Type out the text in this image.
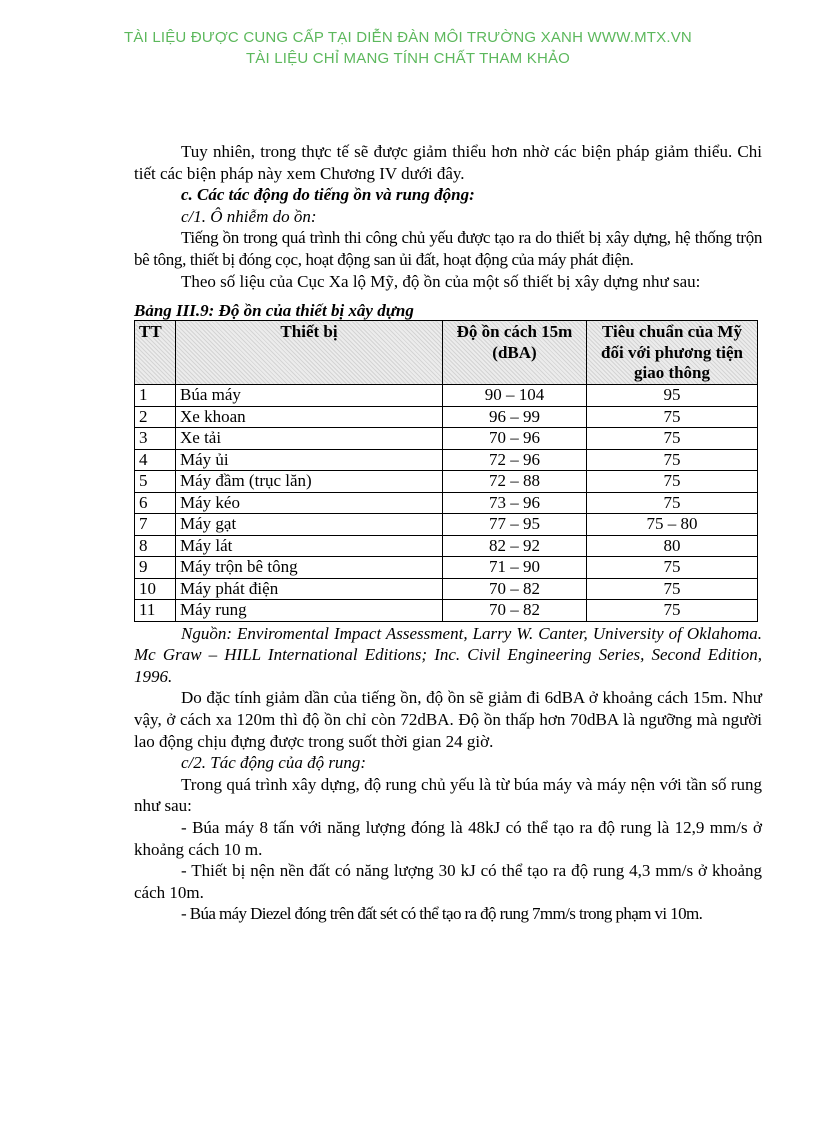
TÀI LIỆU ĐƯỢC CUNG CẤP TẠI DIỄN ĐÀN MÔI TRƯỜNG XANH WWW.MTX.VN
TÀI LIỆU CHỈ MANG TÍNH CHẤT THAM KHẢO

Tuy nhiên, trong thực tế sẽ được giảm thiểu hơn nhờ các biện pháp giảm thiểu. Chi tiết các biện pháp này xem Chương IV dưới đây.

c. Các tác động do tiếng ồn và rung động:

c/1. Ô nhiễm do ồn:

Tiếng ồn trong quá trình thi công chủ yếu được tạo ra do thiết bị xây dựng, hệ thống trộn bê tông, thiết bị đóng cọc, hoạt động san ủi đất, hoạt động của máy phát điện.

Theo số liệu của Cục Xa lộ Mỹ, độ ồn của một số thiết bị xây dựng như sau:

Bảng III.9: Độ ồn của thiết bị xây dựng

TT	Thiết bị	Độ ồn cách 15m (dBA)	Tiêu chuẩn của Mỹ đối với phương tiện giao thông
1	Búa máy	90 – 104	95
2	Xe khoan	96 – 99	75
3	Xe tải	70 – 96	75
4	Máy ủi	72 – 96	75
5	Máy đầm (trục lăn)	72 – 88	75
6	Máy kéo	73 – 96	75
7	Máy gạt	77 – 95	75 – 80
8	Máy lát	82 – 92	80
9	Máy trộn bê tông	71 – 90	75
10	Máy phát điện	70 – 82	75
11	Máy rung	70 – 82	75

Nguồn: Enviromental Impact Assessment, Larry W. Canter, University of Oklahoma. Mc Graw – HILL International Editions; Inc. Civil Engineering Series, Second Edition, 1996.

Do đặc tính giảm dần của tiếng ồn, độ ồn sẽ giảm đi 6dBA ở khoảng cách 15m. Như vậy, ở cách xa 120m thì độ ồn chỉ còn 72dBA. Độ ồn thấp hơn 70dBA là ngưỡng mà người lao động chịu đựng được trong suốt thời gian 24 giờ.

c/2. Tác động của độ rung:

Trong quá trình xây dựng, độ rung chủ yếu là từ búa máy và máy nện với tần số rung như sau:

- Búa máy 8 tấn với năng lượng đóng là 48kJ có thể tạo ra độ rung là 12,9 mm/s ở khoảng cách 10 m.

- Thiết bị nện nền đất có năng lượng 30 kJ có thể tạo ra độ rung 4,3 mm/s ở khoảng cách 10m.

- Búa máy Diezel đóng trên đất sét có thể tạo ra độ rung 7mm/s trong phạm vi 10m.
